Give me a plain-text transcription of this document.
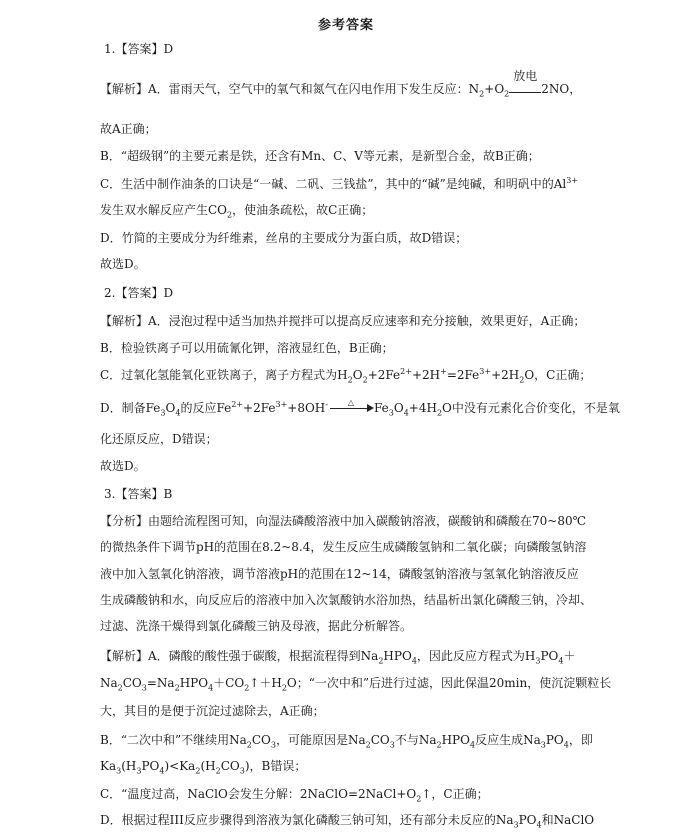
参考答案
1.【答案】D
【解析】A．雷雨天气，空气中的氧气和氮气在闪电作用下发生反应：$N_2+O_2$
放电
2NO，
故A正确；
B．“超级钢”的主要元素是铁，还含有Mn、C、V等元素，是新型合金，故B正确；
C．生活中制作油条的口诀是“一碱、二矾、三钱盐”，其中的“碱”是纯碱，和明矾中的$Al^{3+}$
发生双水解反应产生$CO_2$，使油条疏松，故C正确；
D．竹简的主要成分为纤维素，丝帛的主要成分为蛋白质，故D错误；
故选D。
2.【答案】D
【解析】A．浸泡过程中适当加热并搅拌可以提高反应速率和充分接触，效果更好，A正确；
B．检验铁离子可以用硫氰化钾，溶液显红色，B正确；
C．过氧化氢能氧化亚铁离子，离子方程式为$H_2O_2+2Fe^{2+}+2H^+=2Fe^{3+}+2H_2O$，C正确；
D．制备$Fe_3O_4$的反应$Fe^{2+}+2Fe^{3+}+8OH^-$	△	$Fe_3O_4+4H_2O$中没有元素化合价变化，不是氧
化还原反应，D错误；
故选D。
3.【答案】B
【分析】由题给流程图可知，向湿法磷酸溶液中加入碳酸钠溶液，碳酸钠和磷酸在70~80℃
的微热条件下调节pH的范围在8.2~8.4，发生反应生成磷酸氢钠和二氧化碳；向磷酸氢钠溶
液中加入氢氧化钠溶液，调节溶液pH的范围在12~14，磷酸氢钠溶液与氢氧化钠溶液反应
生成磷酸钠和水，向反应后的溶液中加入次氯酸钠水浴加热，结晶析出氯化磷酸三钠，冷却、
过滤、洗涤干燥得到氯化磷酸三钠及母液，据此分析解答。
【解析】A．磷酸的酸性强于碳酸，根据流程得到$Na_2HPO_4$，因此反应方程式为$H_3PO_4+$
$Na_2CO_3=Na_2HPO_4+CO_2↑+H_2O$；“一次中和”后进行过滤，因此保温20min，使沉淀颗粒长
大，其目的是便于沉淀过滤除去，A正确；
B．“二次中和”不继续用$Na_2CO_3$，可能原因是$Na_2CO_3$不与$Na_2HPO_4$反应生成$Na_3PO_4$，即
$Ka_3(H_3PO_4)<Ka_2(H_2CO_3)$，B错误；
C．“温度过高，NaClO会发生分解：$2NaClO=2NaCl+O_2↑$，C正确；
D．根据过程III反应步骤得到溶液为氯化磷酸三钠可知，还有部分未反应的$Na_3PO_4$和NaClO
